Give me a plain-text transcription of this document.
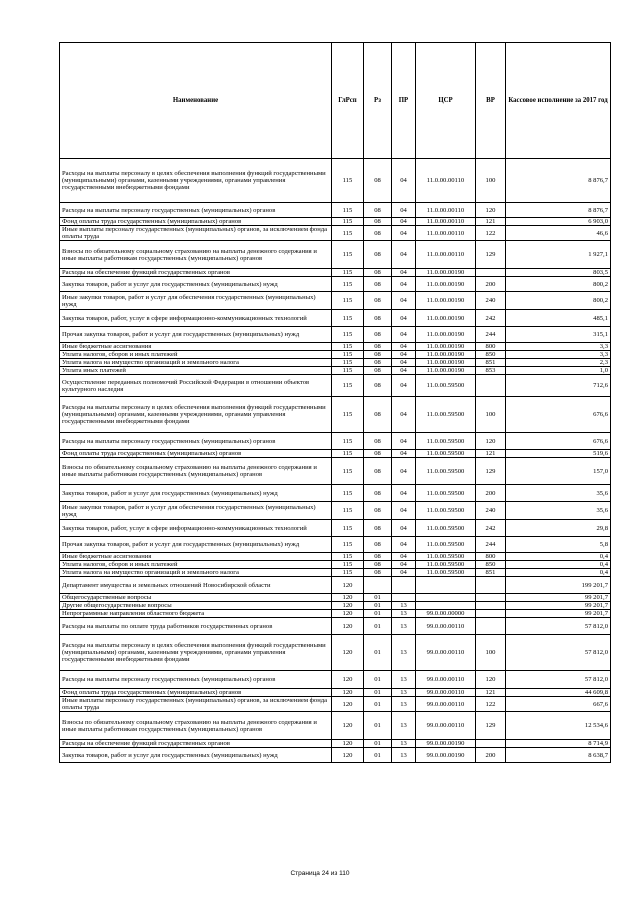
Наименование	ГлРсп	Рз	ПР	ЦСР	ВР	Кассовое исполнение за 2017 год
Расходы на выплаты персоналу в целях обеспечения выполнения функций государственными (муниципальными) органами, казенными учреждениями, органами управления государственными внебюджетными фондами	115	08	04	11.0.00.00110	100	8 876,7
Расходы на выплаты персоналу государственных (муниципальных) органов	115	08	04	11.0.00.00110	120	8 876,7
Фонд оплаты труда государственных (муниципальных) органов	115	08	04	11.0.00.00110	121	6 903,0
Иные выплаты персоналу государственных (муниципальных) органов, за исключением фонда оплаты труда	115	08	04	11.0.00.00110	122	46,6
Взносы по обязательному социальному страхованию на выплаты денежного содержания и иные выплаты работникам государственных (муниципальных) органов	115	08	04	11.0.00.00110	129	1 927,1
Расходы на обеспечение функций государственных органов	115	08	04	11.0.00.00190		803,5
Закупка товаров, работ и услуг для государственных (муниципальных) нужд	115	08	04	11.0.00.00190	200	800,2
Иные закупки товаров, работ и услуг для обеспечения государственных (муниципальных) нужд	115	08	04	11.0.00.00190	240	800,2
Закупка товаров, работ, услуг в сфере информационно-коммуникационных технологий	115	08	04	11.0.00.00190	242	485,1
Прочая закупка товаров, работ и услуг для государственных (муниципальных) нужд	115	08	04	11.0.00.00190	244	315,1
Иные бюджетные ассигнования	115	08	04	11.0.00.00190	800	3,3
Уплата налогов, сборов и иных платежей	115	08	04	11.0.00.00190	850	3,3
Уплата налога на имущество организаций и земельного налога	115	08	04	11.0.00.00190	851	2,3
Уплата иных платежей	115	08	04	11.0.00.00190	853	1,0
Осуществление переданных полномочий Российской Федерации в отношении объектов культурного наследия	115	08	04	11.0.00.59500		712,6
Расходы на выплаты персоналу в целях обеспечения выполнения функций государственными (муниципальными) органами, казенными учреждениями, органами управления государственными внебюджетными фондами	115	08	04	11.0.00.59500	100	676,6
Расходы на выплаты персоналу государственных (муниципальных) органов	115	08	04	11.0.00.59500	120	676,6
Фонд оплаты труда государственных (муниципальных) органов	115	08	04	11.0.00.59500	121	519,6
Взносы по обязательному социальному страхованию на выплаты денежного содержания и иные выплаты работникам государственных (муниципальных) органов	115	08	04	11.0.00.59500	129	157,0
Закупка товаров, работ и услуг для государственных (муниципальных) нужд	115	08	04	11.0.00.59500	200	35,6
Иные закупки товаров, работ и услуг для обеспечения государственных (муниципальных) нужд	115	08	04	11.0.00.59500	240	35,6
Закупка товаров, работ, услуг в сфере информационно-коммуникационных технологий	115	08	04	11.0.00.59500	242	29,8
Прочая закупка товаров, работ и услуг для государственных (муниципальных) нужд	115	08	04	11.0.00.59500	244	5,8
Иные бюджетные ассигнования	115	08	04	11.0.00.59500	800	0,4
Уплата налогов, сборов и иных платежей	115	08	04	11.0.00.59500	850	0,4
Уплата налога на имущество организаций и земельного налога	115	08	04	11.0.00.59500	851	0,4
Департамент имущества и земельных отношений Новосибирской области	120					199 201,7
Общегосударственные вопросы	120	01				99 201,7
Другие общегосударственные вопросы	120	01	13			99 201,7
Непрограммные направления областного бюджета	120	01	13	99.0.00.00000		99 201,7
Расходы на выплаты по оплате труда работников государственных органов	120	01	13	99.0.00.00110		57 812,0
Расходы на выплаты персоналу в целях обеспечения выполнения функций государственными (муниципальными) органами, казенными учреждениями, органами управления государственными внебюджетными фондами	120	01	13	99.0.00.00110	100	57 812,0
Расходы на выплаты персоналу государственных (муниципальных) органов	120	01	13	99.0.00.00110	120	57 812,0
Фонд оплаты труда государственных (муниципальных) органов	120	01	13	99.0.00.00110	121	44 609,8
Иные выплаты персоналу государственных (муниципальных) органов, за исключением фонда оплаты труда	120	01	13	99.0.00.00110	122	667,6
Взносы по обязательному социальному страхованию на выплаты денежного содержания и иные выплаты работникам государственных (муниципальных) органов	120	01	13	99.0.00.00110	129	12 534,6
Расходы на обеспечение функций государственных органов	120	01	13	99.0.00.00190		8 714,9
Закупка товаров, работ и услуг для государственных (муниципальных) нужд	120	01	13	99.0.00.00190	200	8 638,7
Страница 24 из 110
